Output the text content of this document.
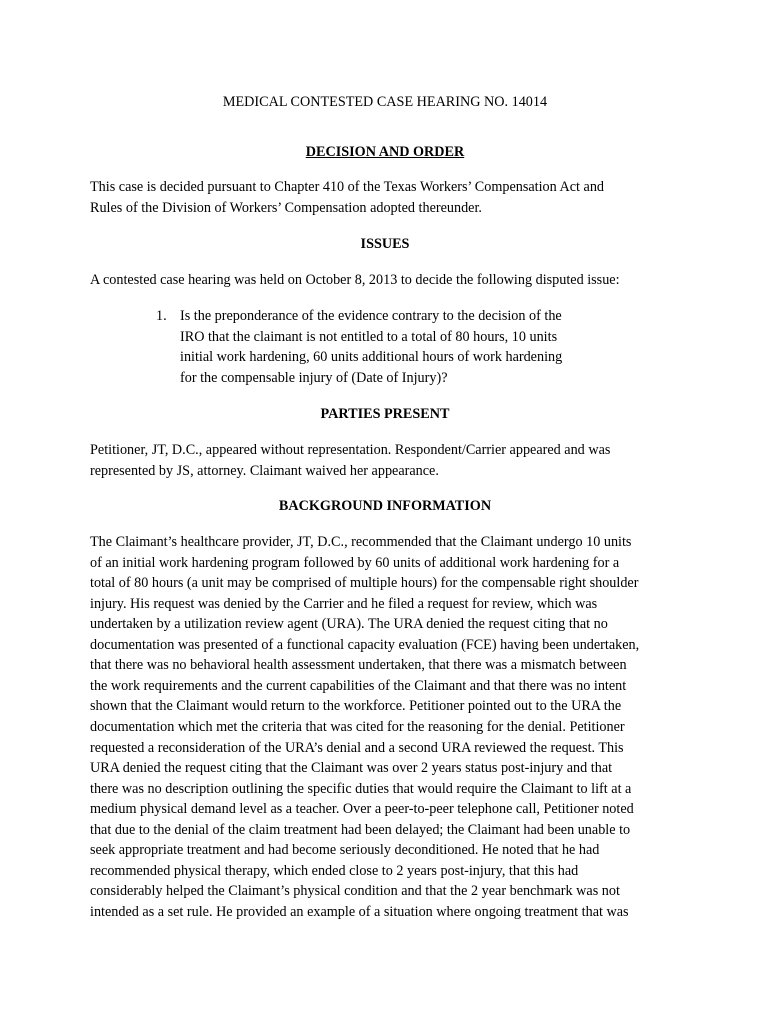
MEDICAL CONTESTED CASE HEARING NO. 14014
DECISION AND ORDER
This case is decided pursuant to Chapter 410 of the Texas Workers’ Compensation Act and
Rules of the Division of Workers’ Compensation adopted thereunder.
ISSUES
A contested case hearing was held on October 8, 2013 to decide the following disputed issue:
1. Is the preponderance of the evidence contrary to the decision of the
IRO that the claimant is not entitled to a total of 80 hours, 10 units
initial work hardening, 60 units additional hours of work hardening
for the compensable injury of (Date of Injury)?
PARTIES PRESENT
Petitioner, JT, D.C., appeared without representation. Respondent/Carrier appeared and was
represented by JS, attorney. Claimant waived her appearance.
BACKGROUND INFORMATION
The Claimant’s healthcare provider, JT, D.C., recommended that the Claimant undergo 10 units
of an initial work hardening program followed by 60 units of additional work hardening for a
total of 80 hours (a unit may be comprised of multiple hours) for the compensable right shoulder
injury. His request was denied by the Carrier and he filed a request for review, which was
undertaken by a utilization review agent (URA). The URA denied the request citing that no
documentation was presented of a functional capacity evaluation (FCE) having been undertaken,
that there was no behavioral health assessment undertaken, that there was a mismatch between
the work requirements and the current capabilities of the Claimant and that there was no intent
shown that the Claimant would return to the workforce. Petitioner pointed out to the URA the
documentation which met the criteria that was cited for the reasoning for the denial. Petitioner
requested a reconsideration of the URA’s denial and a second URA reviewed the request. This
URA denied the request citing that the Claimant was over 2 years status post-injury and that
there was no description outlining the specific duties that would require the Claimant to lift at a
medium physical demand level as a teacher. Over a peer-to-peer telephone call, Petitioner noted
that due to the denial of the claim treatment had been delayed; the Claimant had been unable to
seek appropriate treatment and had become seriously deconditioned. He noted that he had
recommended physical therapy, which ended close to 2 years post-injury, that this had
considerably helped the Claimant’s physical condition and that the 2 year benchmark was not
intended as a set rule. He provided an example of a situation where ongoing treatment that was
